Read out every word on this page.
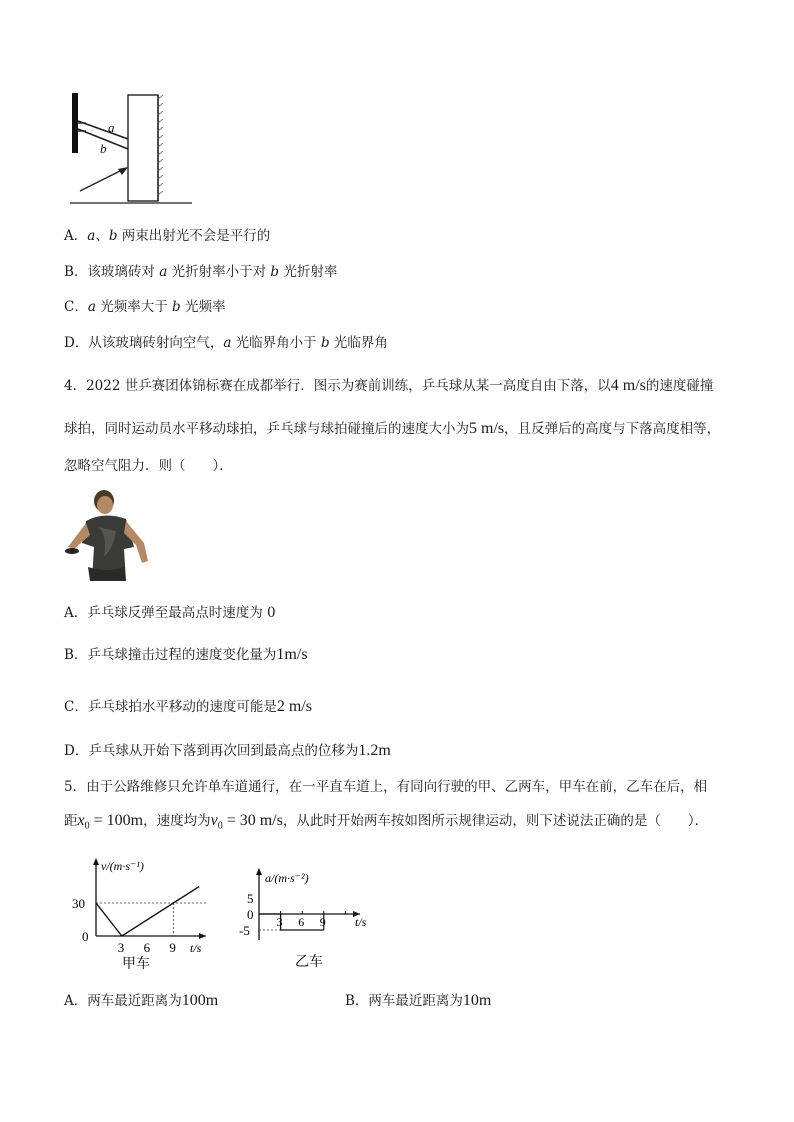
a
b
A．a、b 两束出射光不会是平行的
B．该玻璃砖对 a 光折射率小于对 b 光折射率
C．a 光频率大于 b 光频率
D．从该玻璃砖射向空气，a 光临界角小于 b 光临界角
4．2022 世乒赛团体锦标赛在成都举行．图示为赛前训练，乒乓球从某一高度自由下落，以4 m/s的速度碰撞
球拍，同时运动员水平移动球拍，乒乓球与球拍碰撞后的速度大小为5 m/s，且反弹后的高度与下落高度相等，
忽略空气阻力．则（　　）．
A．乒乓球反弹至最高点时速度为 0
B．乒乓球撞击过程的速度变化量为1m/s
C．乒乓球拍水平移动的速度可能是2 m/s
D．乒乓球从开始下落到再次回到最高点的位移为1.2m
5．由于公路维修只允许单车道通行，在一平直车道上，有同向行驶的甲、乙两车，甲车在前，乙车在后，相
距$x_0 = 100m$，速度均为$v_0 = 30$ m/s，从此时开始两车按如图所示规律运动，则下述说法正确的是（　　）．
v/(m·s⁻¹)
t/s
30
0
3 6 9
甲车
a/(m·s⁻²)
t/s
5
0
-5
3 6 9
乙车
A．两车最近距离为100m	B．两车最近距离为10m
